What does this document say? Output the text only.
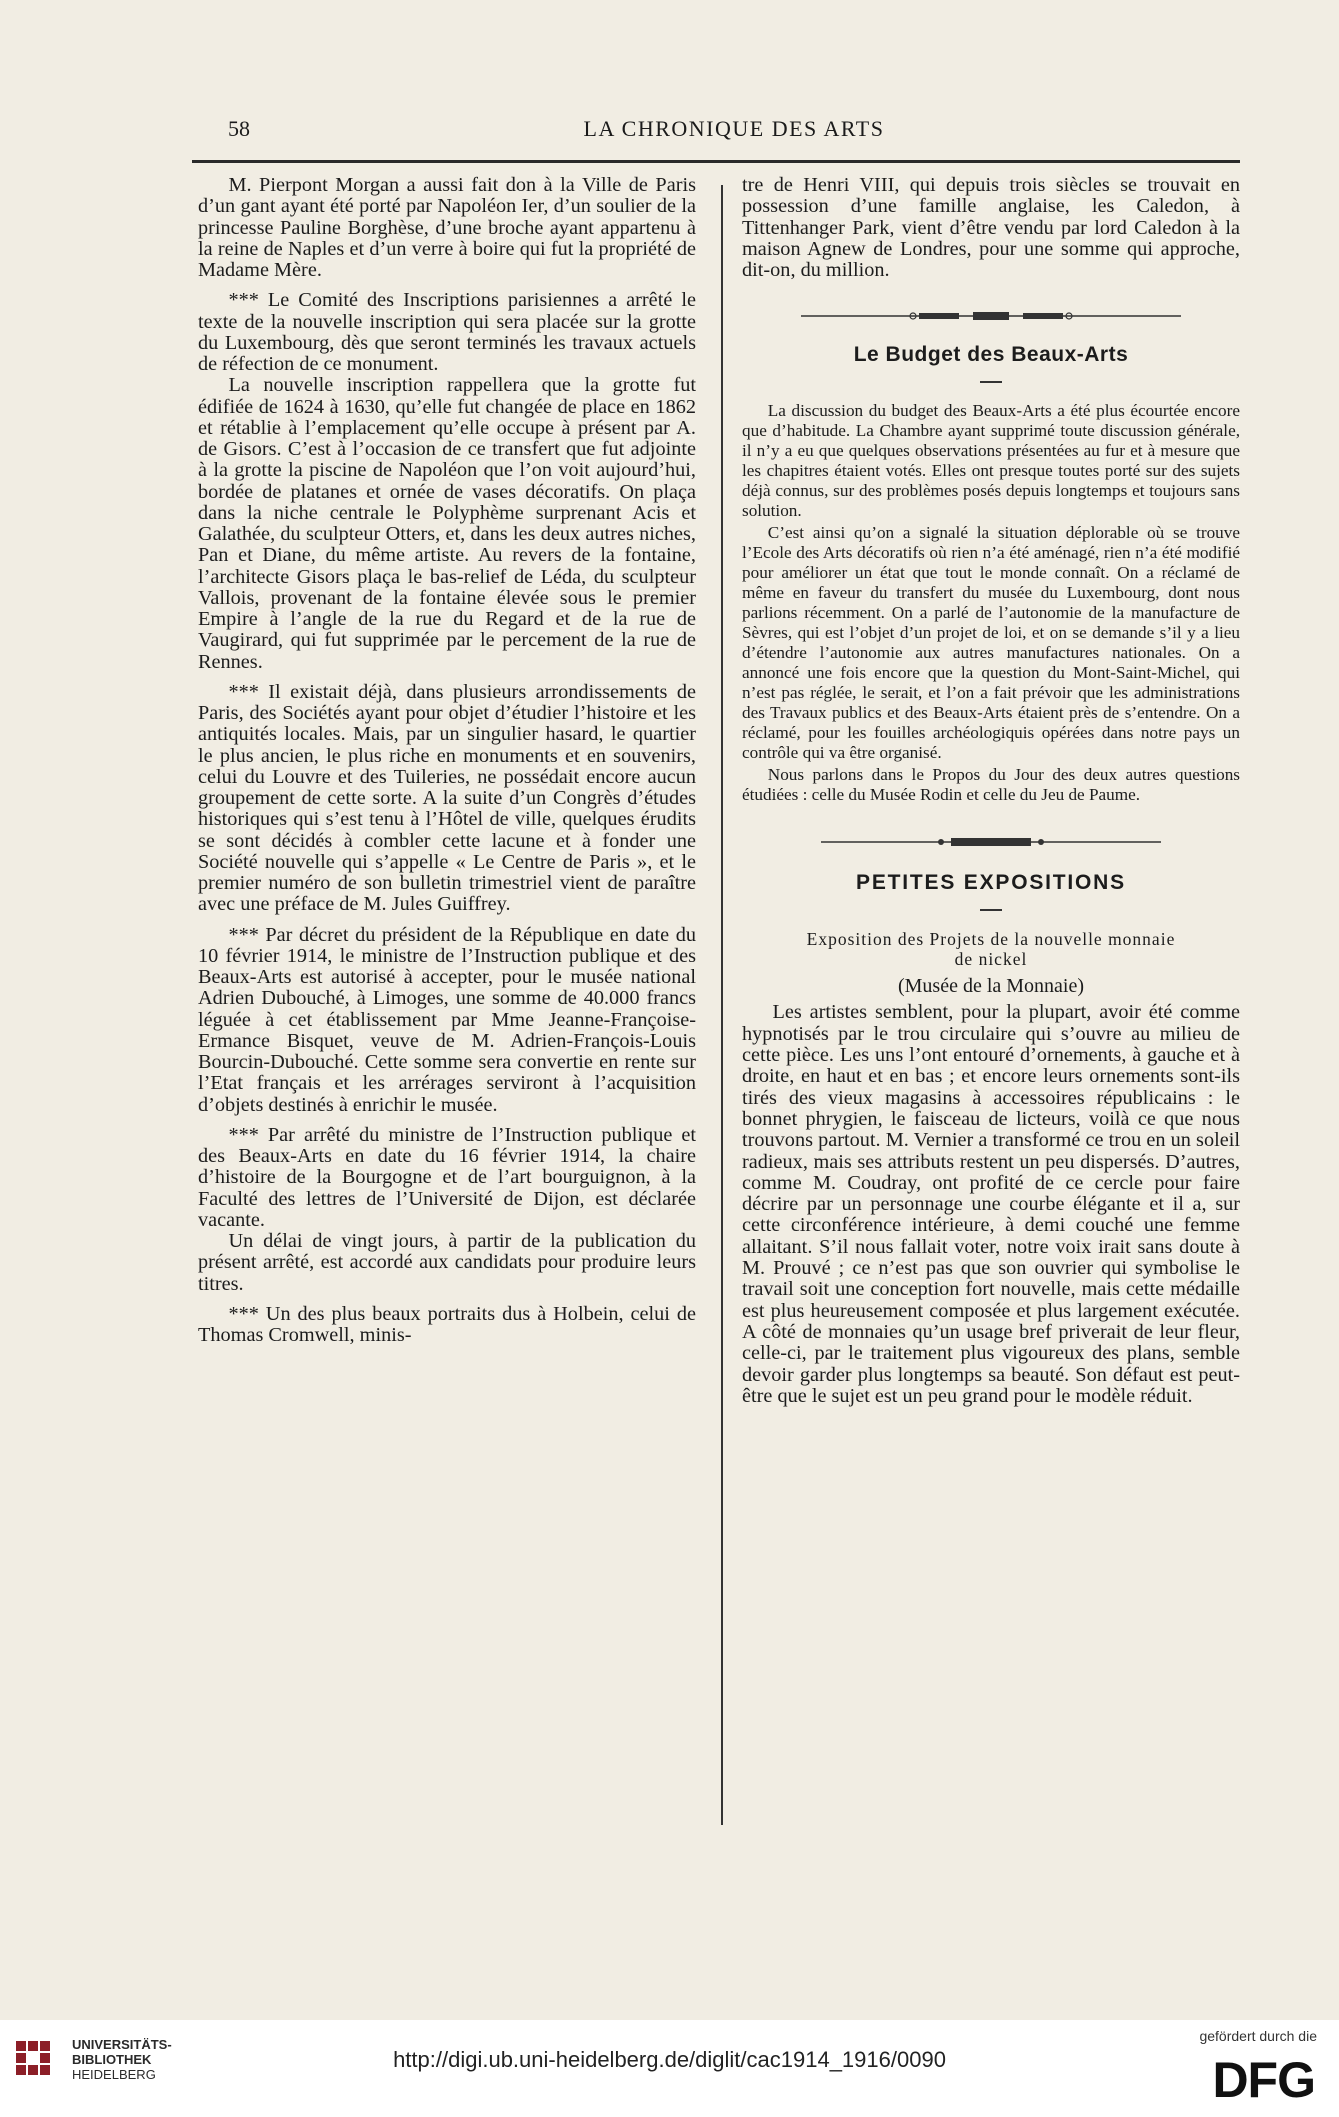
58	LA CHRONIQUE DES ARTS

M. Pierpont Morgan a aussi fait don à la Ville de Paris d’un gant ayant été porté par Napoléon Ier, d’un soulier de la princesse Pauline Borghèse, d’une broche ayant appartenu à la reine de Naples et d’un verre à boire qui fut la propriété de Madame Mère.

*** Le Comité des Inscriptions parisiennes a arrêté le texte de la nouvelle inscription qui sera placée sur la grotte du Luxembourg, dès que seront terminés les travaux actuels de réfection de ce monument.

La nouvelle inscription rappellera que la grotte fut édifiée de 1624 à 1630, qu’elle fut changée de place en 1862 et rétablie à l’emplacement qu’elle occupe à présent par A. de Gisors. C’est à l’occasion de ce transfert que fut adjointe à la grotte la piscine de Napoléon que l’on voit aujourd’hui, bordée de platanes et ornée de vases décoratifs. On plaça dans la niche centrale le Polyphème surprenant Acis et Galathée, du sculpteur Otters, et, dans les deux autres niches, Pan et Diane, du même artiste. Au revers de la fontaine, l’architecte Gisors plaça le bas-relief de Léda, du sculpteur Vallois, provenant de la fontaine élevée sous le premier Empire à l’angle de la rue du Regard et de la rue de Vaugirard, qui fut supprimée par le percement de la rue de Rennes.

*** Il existait déjà, dans plusieurs arrondissements de Paris, des Sociétés ayant pour objet d’étudier l’histoire et les antiquités locales. Mais, par un singulier hasard, le quartier le plus ancien, le plus riche en monuments et en souvenirs, celui du Louvre et des Tuileries, ne possédait encore aucun groupement de cette sorte. A la suite d’un Congrès d’études historiques qui s’est tenu à l’Hôtel de ville, quelques érudits se sont décidés à combler cette lacune et à fonder une Société nouvelle qui s’appelle « Le Centre de Paris », et le premier numéro de son bulletin trimestriel vient de paraître avec une préface de M. Jules Guiffrey.

*** Par décret du président de la République en date du 10 février 1914, le ministre de l’Instruction publique et des Beaux-Arts est autorisé à accepter, pour le musée national Adrien Dubouché, à Limoges, une somme de 40.000 francs léguée à cet établissement par Mme Jeanne-Françoise-Ermance Bisquet, veuve de M. Adrien-François-Louis Bourcin-Dubouché. Cette somme sera convertie en rente sur l’Etat français et les arrérages serviront à l’acquisition d’objets destinés à enrichir le musée.

*** Par arrêté du ministre de l’Instruction publique et des Beaux-Arts en date du 16 février 1914, la chaire d’histoire de la Bourgogne et de l’art bourguignon, à la Faculté des lettres de l’Université de Dijon, est déclarée vacante.

Un délai de vingt jours, à partir de la publication du présent arrêté, est accordé aux candidats pour produire leurs titres.

*** Un des plus beaux portraits dus à Holbein, celui de Thomas Cromwell, minis-

tre de Henri VIII, qui depuis trois siècles se trouvait en possession d’une famille anglaise, les Caledon, à Tittenhanger Park, vient d’être vendu par lord Caledon à la maison Agnew de Londres, pour une somme qui approche, dit-on, du million.

Le Budget des Beaux-Arts

La discussion du budget des Beaux-Arts a été plus écourtée encore que d’habitude. La Chambre ayant supprimé toute discussion générale, il n’y a eu que quelques observations présentées au fur et à mesure que les chapitres étaient votés. Elles ont presque toutes porté sur des sujets déjà connus, sur des problèmes posés depuis longtemps et toujours sans solution.

C’est ainsi qu’on a signalé la situation déplorable où se trouve l’Ecole des Arts décoratifs où rien n’a été aménagé, rien n’a été modifié pour améliorer un état que tout le monde connaît. On a réclamé de même en faveur du transfert du musée du Luxembourg, dont nous parlions récemment. On a parlé de l’autonomie de la manufacture de Sèvres, qui est l’objet d’un projet de loi, et on se demande s’il y a lieu d’étendre l’autonomie aux autres manufactures nationales. On a annoncé une fois encore que la question du Mont-Saint-Michel, qui n’est pas réglée, le serait, et l’on a fait prévoir que les administrations des Travaux publics et des Beaux-Arts étaient près de s’entendre. On a réclamé, pour les fouilles archéologiquis opérées dans notre pays un contrôle qui va être organisé.

Nous parlons dans le Propos du Jour des deux autres questions étudiées : celle du Musée Rodin et celle du Jeu de Paume.

PETITES EXPOSITIONS
Exposition des Projets de la nouvelle monnaie
de nickel
(Musée de la Monnaie)

Les artistes semblent, pour la plupart, avoir été comme hypnotisés par le trou circulaire qui s’ouvre au milieu de cette pièce. Les uns l’ont entouré d’ornements, à gauche et à droite, en haut et en bas ; et encore leurs ornements sont-ils tirés des vieux magasins à accessoires républicains : le bonnet phrygien, le faisceau de licteurs, voilà ce que nous trouvons partout. M. Vernier a transformé ce trou en un soleil radieux, mais ses attributs restent un peu dispersés. D’autres, comme M. Coudray, ont profité de ce cercle pour faire décrire par un personnage une courbe élégante et il a, sur cette circonférence intérieure, à demi couché une femme allaitant. S’il nous fallait voter, notre voix irait sans doute à M. Prouvé ; ce n’est pas que son ouvrier qui symbolise le travail soit une conception fort nouvelle, mais cette médaille est plus heureusement composée et plus largement exécutée. A côté de monnaies qu’un usage bref priverait de leur fleur, celle-ci, par le traitement plus vigoureux des plans, semble devoir garder plus longtemps sa beauté. Son défaut est peut-être que le sujet est un peu grand pour le modèle réduit.

UNIVERSITÄTS-
BIBLIOTHEK
HEIDELBERG
http://digi.ub.uni-heidelberg.de/diglit/cac1914_1916/0090
gefördert durch die
DFG
